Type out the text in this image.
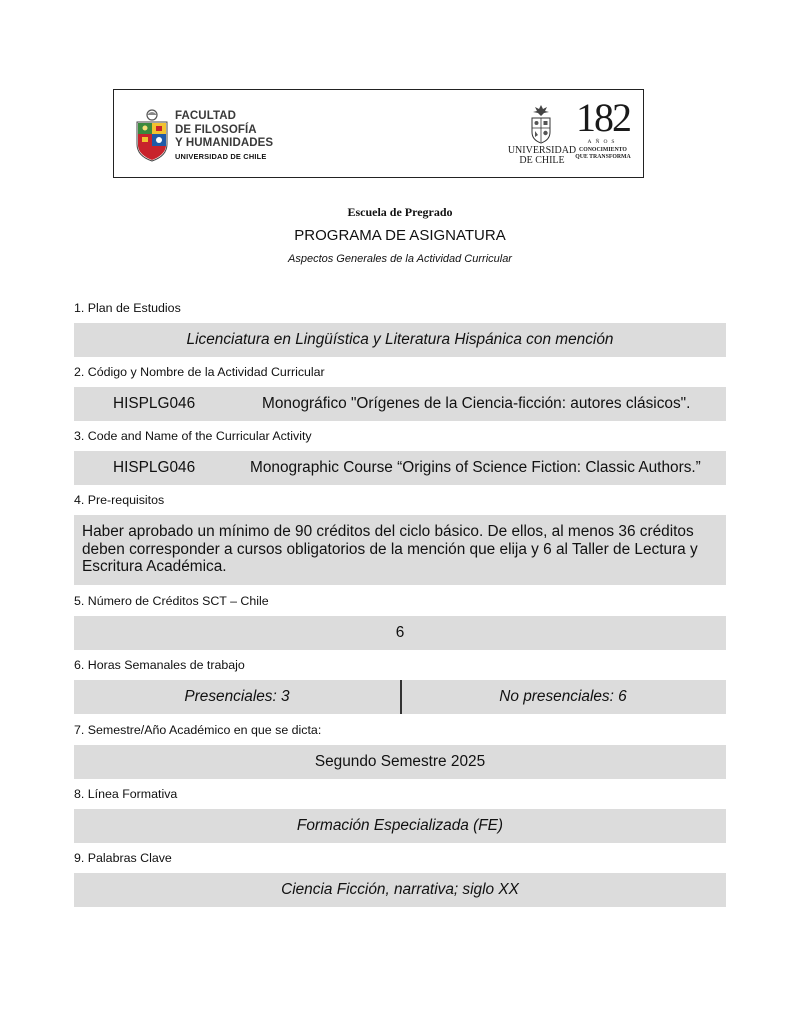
FACULTAD
DE FILOSOFÍA
Y HUMANIDADES
UNIVERSIDAD DE CHILE	UNIVERSIDAD
DE CHILE
182
AÑOS
CONOCIMIENTO
QUE TRANSFORMA
Escuela de Pregrado
PROGRAMA DE ASIGNATURA
Aspectos Generales de la Actividad Curricular
1. Plan de Estudios
Licenciatura en Lingüística y Literatura Hispánica con mención
2. Código y Nombre de la Actividad Curricular
HISPLG046	Monográfico "Orígenes de la Ciencia-ficción: autores clásicos".
3. Code and Name of the Curricular Activity
HISPLG046	Monographic Course “Origins of Science Fiction: Classic Authors.”
4. Pre-requisitos
Haber aprobado un mínimo de 90 créditos del ciclo básico. De ellos, al menos 36 créditos
deben corresponder a cursos obligatorios de la mención que elija y 6 al Taller de Lectura y
Escritura Académica.
5. Número de Créditos SCT – Chile
6
6. Horas Semanales de trabajo
Presenciales: 3	No presenciales: 6
7. Semestre/Año Académico en que se dicta:
Segundo Semestre 2025
8. Línea Formativa
Formación Especializada (FE)
9. Palabras Clave
Ciencia Ficción, narrativa; siglo XX
